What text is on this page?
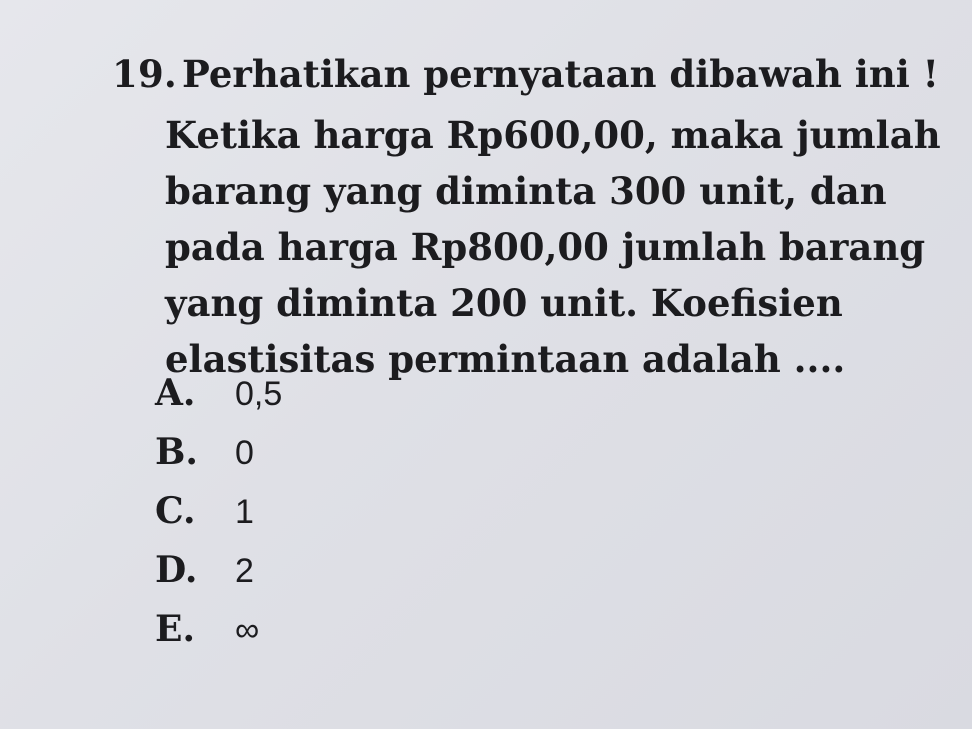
19. Perhatikan pernyataan dibawah ini !
Ketika harga Rp600,00, maka jumlah
barang yang diminta 300 unit, dan
pada harga Rp800,00 jumlah barang
yang diminta 200 unit. Koefisien
elastisitas permintaan adalah ....
A.	0,5
B.	0
C.	1
D.	2
E.	∞
